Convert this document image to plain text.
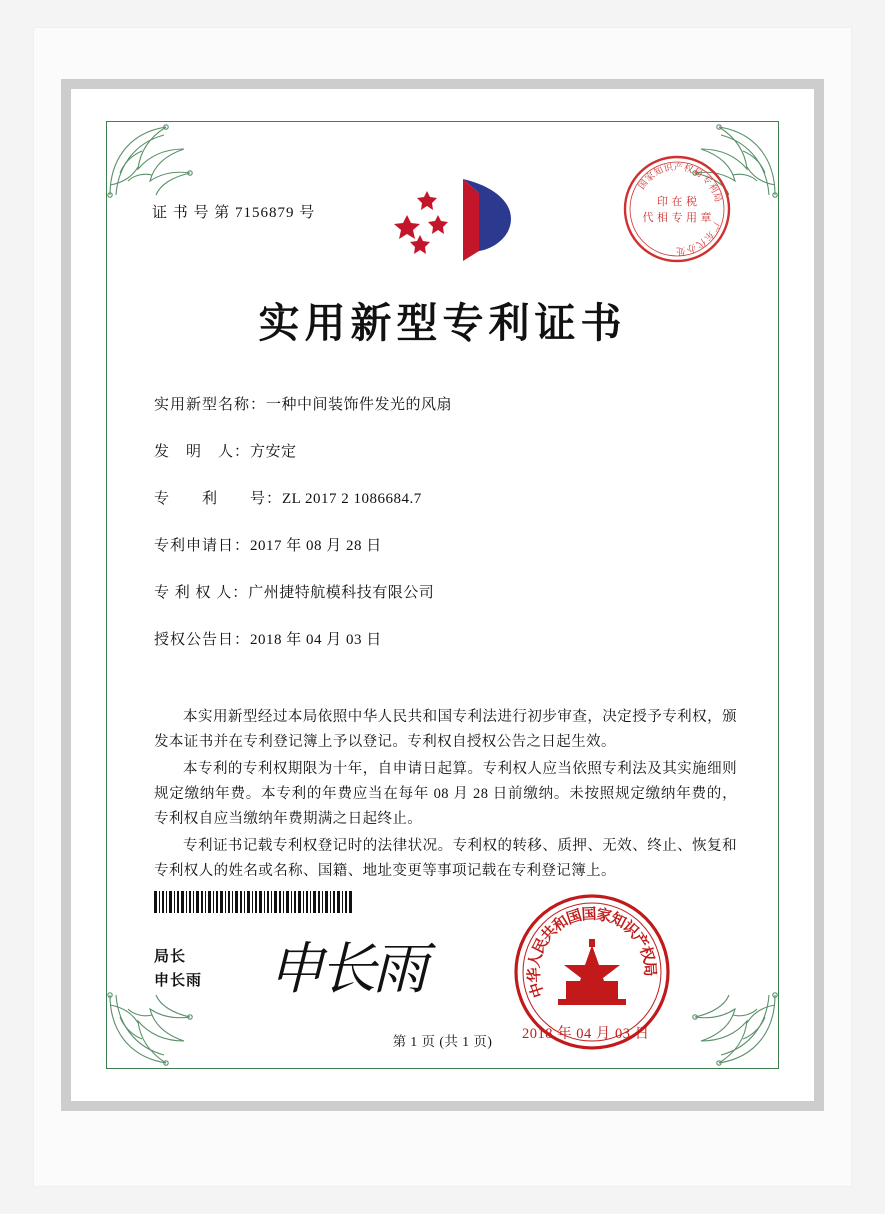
证 书 号 第 7156879 号
国
家
知
识 产 权
局
专
利
局
广
东
代
办
处
印 在 税
代 相 专 用 章
实用新型专利证书
实用新型名称：一种中间装饰件发光的风扇
发　明　人：方安定
专　　利　　号：ZL 2017 2 1086684.7
专利申请日：2017 年 08 月 28 日
专 利 权 人：广州捷特航模科技有限公司
授权公告日：2018 年 04 月 03 日

本实用新型经过本局依照中华人民共和国专利法进行初步审查，决定授予专利权，颁发本证书并在专利登记簿上予以登记。专利权自授权公告之日起生效。

本专利的专利权期限为十年，自申请日起算。专利权人应当依照专利法及其实施细则规定缴纳年费。本专利的年费应当在每年 08 月 28 日前缴纳。未按照规定缴纳年费的，专利权自应当缴纳年费期满之日起终止。

专利证书记载专利权登记时的法律状况。专利权的转移、质押、无效、终止、恢复和专利权人的姓名或名称、国籍、地址变更等事项记载在专利登记簿上。

局长
申长雨 申长雨	中
华
人
民
共
和
国
国
家
知
识
产
权
局
2018 年 04 月 03 日
第 1 页 (共 1 页)
